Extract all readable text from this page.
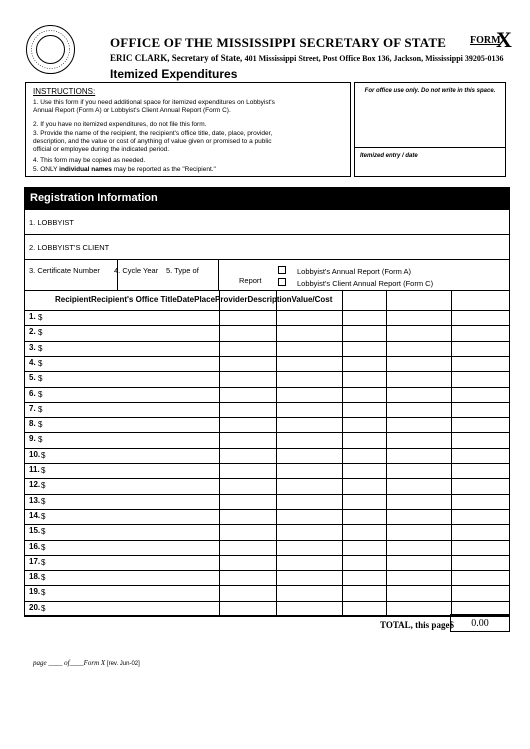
OFFICE OF THE MISSISSIPPI SECRETARY OF STATE FORM
X
ERIC CLARK, Secretary of State, 401 Mississippi Street, Post Office Box 136, Jackson, Mississippi 39205-0136
Itemized Expenditures
INSTRUCTIONS:
1. Use this form if you need additional space for itemized expenditures on Lobbyist's
Annual Report (Form A) or Lobbyist's Client Annual Report (Form C).
2. If you have no itemized expenditures, do not file this form.
3. Provide the name of the recipient, the recipient's office title, date, place, provider,
description, and the value or cost of anything of value given or promised to a public
official or employee during the indicated period.
4. This form may be copied as needed.
5. ONLY individual names may be reported as the "Recipient."
For office use only. Do not write in this space.
Itemized entry / date
Registration Information
1. LOBBYIST
2. LOBBYIST'S CLIENT
3. Certificate Number 4. Cycle Year 5. Type of
Report
Lobbyist's Annual Report (Form A)
Lobbyist's Client Annual Report (Form C)
RecipientRecipient's Office TitleDatePlaceProviderDescriptionValue/Cost
1. $
2. $
3. $
4. $
5. $
6. $
7. $
8. $
9. $
10. $
11. $
12. $
13. $
14. $
15. $
16. $
17. $
18. $
19. $
20. $
TOTAL, this page$	0.00
page ____ of____Form X [rev. Jun-02]
